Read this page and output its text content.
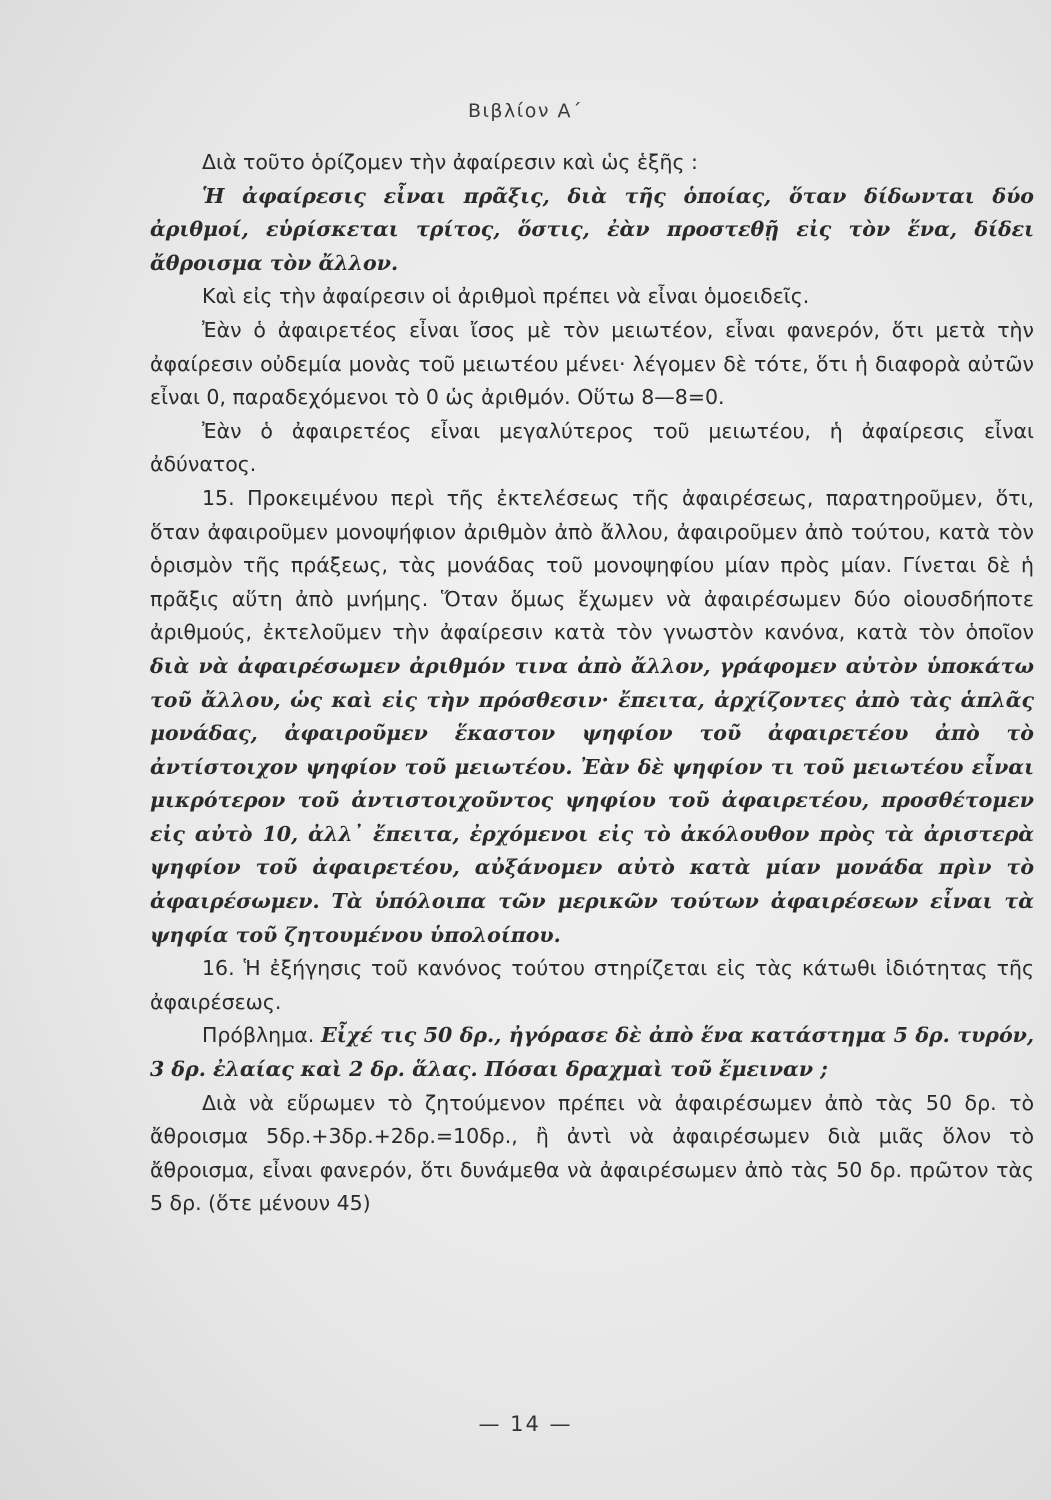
Βιβλίον Α΄

Διὰ τοῦτο ὁρίζομεν τὴν ἀφαίρεσιν καὶ ὡς ἑξῆς :

Ἡ ἀφαίρεσις εἶναι πρᾶξις, διὰ τῆς ὁποίας, ὅταν δίδωνται δύο ἀριθμοί, εὑρίσκεται τρίτος, ὅστις, ἐὰν προστεθῇ εἰς τὸν ἕνα, δίδει ἄθροισμα τὸν ἄλλον.

Καὶ εἰς τὴν ἀφαίρεσιν οἱ ἀριθμοὶ πρέπει νὰ εἶναι ὁμοειδεῖς.

Ἐὰν ὁ ἀφαιρετέος εἶναι ἴσος μὲ τὸν μειωτέον, εἶναι φανερόν, ὅτι μετὰ τὴν ἀφαίρεσιν οὐδεμία μονὰς τοῦ μειωτέου μένει· λέγομεν δὲ τότε, ὅτι ἡ διαφορὰ αὐτῶν εἶναι 0, παραδεχόμενοι τὸ 0 ὡς ἀριθμόν. Οὕτω 8—8=0.

Ἐὰν ὁ ἀφαιρετέος εἶναι μεγαλύτερος τοῦ μειωτέου, ἡ ἀφαίρεσις εἶναι ἀδύνατος.

15. Προκειμένου περὶ τῆς ἐκτελέσεως τῆς ἀφαιρέσεως, παρατηροῦμεν, ὅτι, ὅταν ἀφαιροῦμεν μονοψήφιον ἀριθμὸν ἀπὸ ἄλλου, ἀφαιροῦμεν ἀπὸ τούτου, κατὰ τὸν ὁρισμὸν τῆς πράξεως, τὰς μονάδας τοῦ μονοψηφίου μίαν πρὸς μίαν. Γίνεται δὲ ἡ πρᾶξις αὕτη ἀπὸ μνήμης. Ὅταν ὅμως ἔχωμεν νὰ ἀφαιρέσωμεν δύο οἱουσδήποτε ἀριθμούς, ἐκτελοῦμεν τὴν ἀφαίρεσιν κατὰ τὸν γνωστὸν κανόνα, κατὰ τὸν ὁποῖον διὰ νὰ ἀφαιρέσωμεν ἀριθμόν τινα ἀπὸ ἄλλον, γράφομεν αὐτὸν ὑποκάτω τοῦ ἄλλου, ὡς καὶ εἰς τὴν πρόσθεσιν· ἔπειτα, ἀρχίζοντες ἀπὸ τὰς ἁπλᾶς μονάδας, ἀφαιροῦμεν ἕκαστον ψηφίον τοῦ ἀφαιρετέου ἀπὸ τὸ ἀντίστοιχον ψηφίον τοῦ μειωτέου. Ἐὰν δὲ ψηφίον τι τοῦ μειωτέου εἶναι μικρότερον τοῦ ἀντιστοιχοῦντος ψηφίου τοῦ ἀφαιρετέου, προσθέτομεν εἰς αὐτὸ 10, ἀλλ᾽ ἔπειτα, ἐρχόμενοι εἰς τὸ ἀκόλουθον πρὸς τὰ ἀριστερὰ ψηφίον τοῦ ἀφαιρετέου, αὐξάνομεν αὐτὸ κατὰ μίαν μονάδα πρὶν τὸ ἀφαιρέσωμεν. Τὰ ὑπόλοιπα τῶν μερικῶν τούτων ἀφαιρέσεων εἶναι τὰ ψηφία τοῦ ζητουμένου ὑπολοίπου.

16. Ἡ ἐξήγησις τοῦ κανόνος τούτου στηρίζεται εἰς τὰς κάτωθι ἰδιότητας τῆς ἀφαιρέσεως.

Πρόβλημα. Εἶχέ τις 50 δρ., ἠγόρασε δὲ ἀπὸ ἕνα κατάστημα 5 δρ. τυρόν, 3 δρ. ἐλαίας καὶ 2 δρ. ἅλας. Πόσαι δραχμαὶ τοῦ ἔμειναν ;

Διὰ νὰ εὕρωμεν τὸ ζητούμενον πρέπει νὰ ἀφαιρέσωμεν ἀπὸ τὰς 50 δρ. τὸ ἄθροισμα 5δρ.+3δρ.+2δρ.=10δρ., ἢ ἀντὶ νὰ ἀφαιρέσωμεν διὰ μιᾶς ὅλον τὸ ἄθροισμα, εἶναι φανερόν, ὅτι δυνάμεθα νὰ ἀφαιρέσωμεν ἀπὸ τὰς 50 δρ. πρῶτον τὰς 5 δρ. (ὅτε μένουν 45)

— 14 —
